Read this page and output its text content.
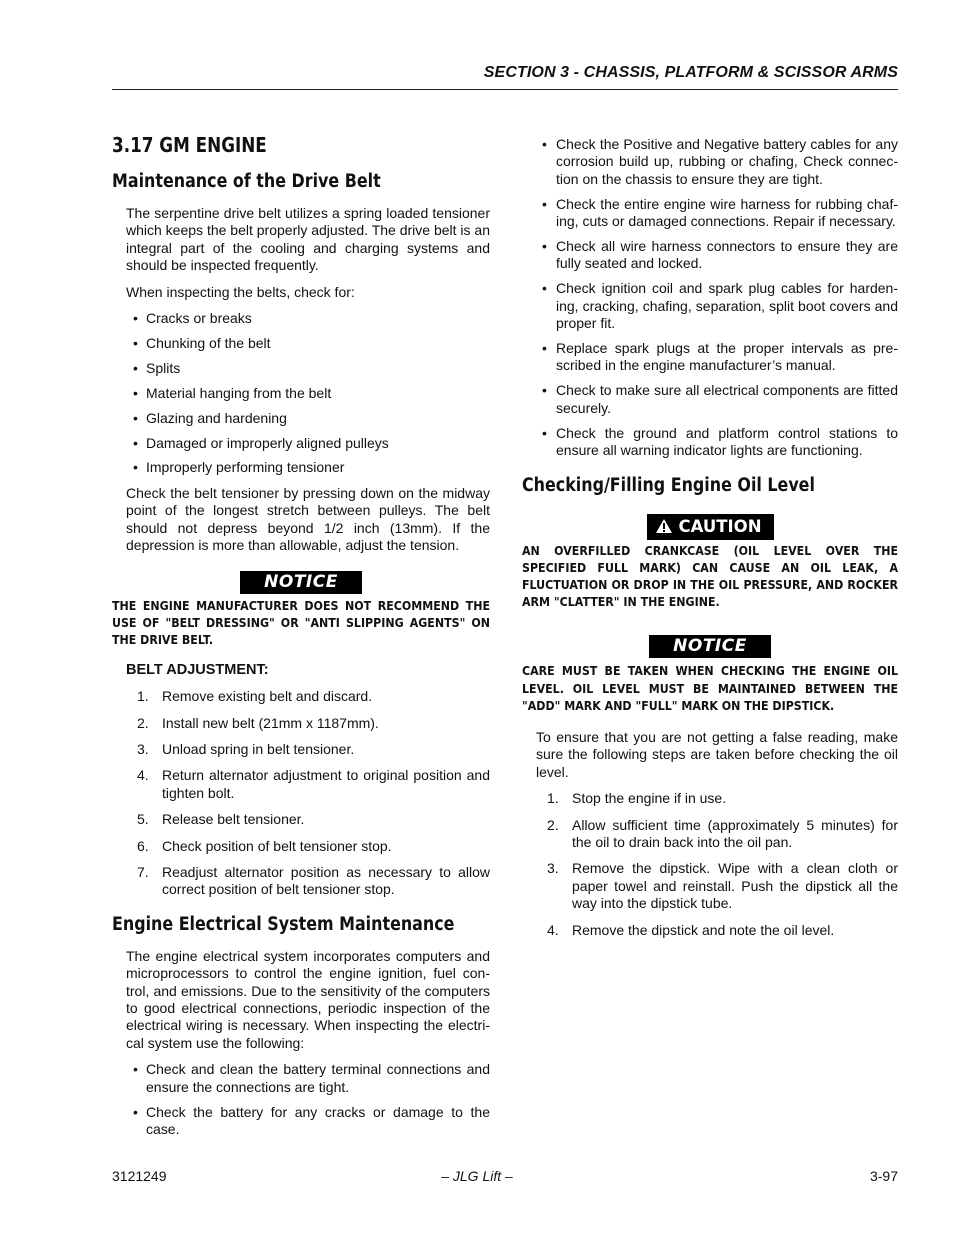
SECTION 3 - CHASSIS, PLATFORM & SCISSOR ARMS
3.17 GM ENGINE
Maintenance of the Drive Belt

The serpentine drive belt utilizes a spring loaded tensioner which keeps the belt properly adjusted. The drive belt is an integral part of the cooling and charging systems and should be inspected frequently.

When inspecting the belts, check for:

• Cracks or breaks
• Chunking of the belt
• Splits
• Material hanging from the belt
• Glazing and hardening
• Damaged or improperly aligned pulleys
• Improperly performing tensioner

Check the belt tensioner by pressing down on the midway point of the longest stretch between pulleys. The belt should not depress beyond 1/2 inch (13mm). If the depression is more than allowable, adjust the tension.

NOTICE
THE ENGINE MANUFACTURER DOES NOT RECOMMEND THE USE OF "BELT DRESSING" OR "ANTI SLIPPING AGENTS" ON THE DRIVE BELT.
BELT ADJUSTMENT:
1. Remove existing belt and discard.
2. Install new belt (21mm x 1187mm).
3. Unload spring in belt tensioner.
4. Return alternator adjustment to original position and tighten bolt.
5. Release belt tensioner.
6. Check position of belt tensioner stop.
7. Readjust alternator position as necessary to allow correct position of belt tensioner stop.
Engine Electrical System Maintenance

The engine electrical system incorporates computers and microprocessors to control the engine ignition, fuel con-trol, and emissions. Due to the sensitivity of the computers to good electrical connections, periodic inspection of the electrical wiring is necessary. When inspecting the electri-cal system use the following:

• Check and clean the battery terminal connections and ensure the connections are tight.
• Check the battery for any cracks or damage to the case.
• Check the Positive and Negative battery cables for any corrosion build up, rubbing or chafing, Check connec-tion on the chassis to ensure they are tight.
• Check the entire engine wire harness for rubbing chaf-ing, cuts or damaged connections. Repair if necessary.
• Check all wire harness connectors to ensure they are fully seated and locked.
• Check ignition coil and spark plug cables for harden-ing, cracking, chafing, separation, split boot covers and proper fit.
• Replace spark plugs at the proper intervals as pre-scribed in the engine manufacturer’s manual.
• Check to make sure all electrical components are fitted securely.
• Check the ground and platform control stations to ensure all warning indicator lights are functioning.
Checking/Filling Engine Oil Level
CAUTION
AN OVERFILLED CRANKCASE (OIL LEVEL OVER THE SPECIFIED FULL MARK) CAN CAUSE AN OIL LEAK, A FLUCTUATION OR DROP IN THE OIL PRESSURE, AND ROCKER ARM "CLATTER" IN THE ENGINE.
NOTICE
CARE MUST BE TAKEN WHEN CHECKING THE ENGINE OIL LEVEL. OIL LEVEL MUST BE MAINTAINED BETWEEN THE "ADD" MARK AND "FULL" MARK ON THE DIPSTICK.

To ensure that you are not getting a false reading, make sure the following steps are taken before checking the oil level.

1. Stop the engine if in use.
2. Allow sufficient time (approximately 5 minutes) for the oil to drain back into the oil pan.
3. Remove the dipstick. Wipe with a clean cloth or paper towel and reinstall. Push the dipstick all the way into the dipstick tube.
4. Remove the dipstick and note the oil level.
– JLG Lift –
3121249	3-97
